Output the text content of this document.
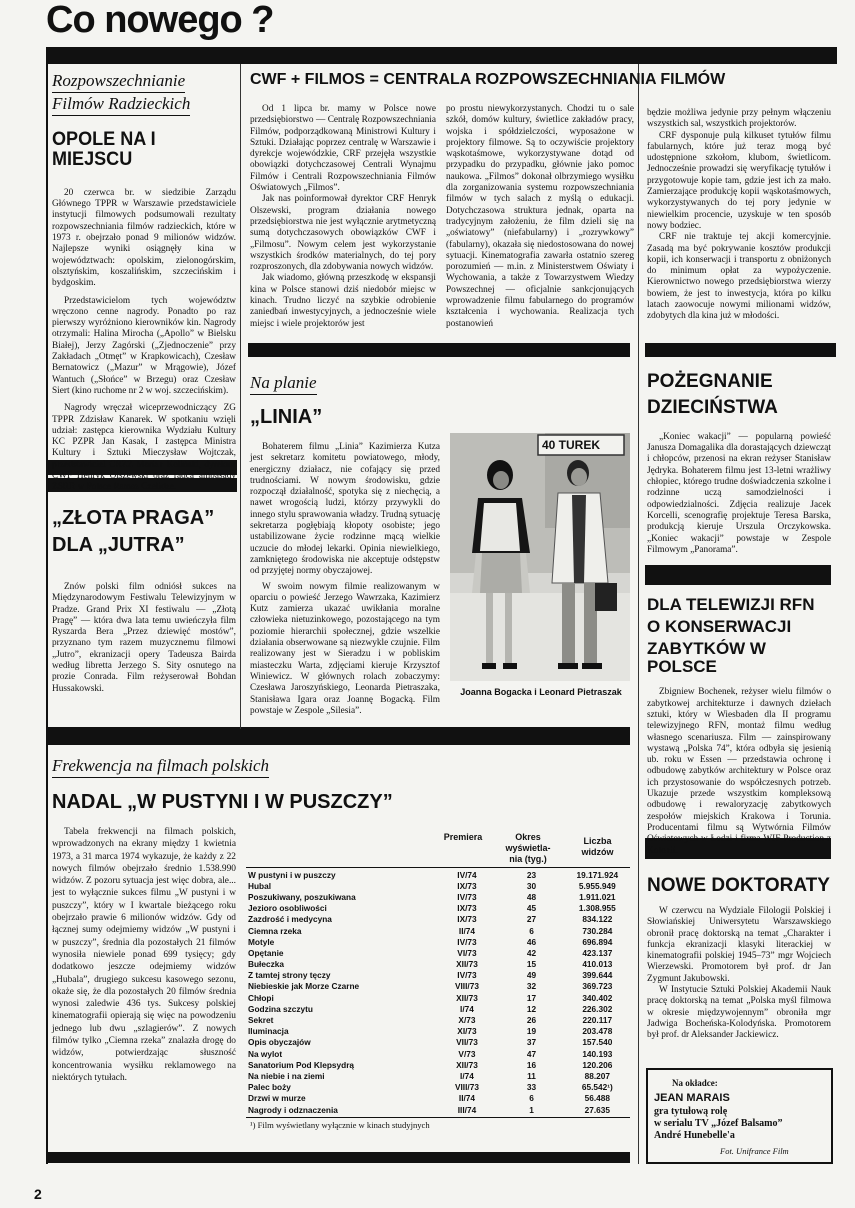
Co nowego ?
Rozpowszechnianie
Filmów Radzieckich
OPOLE NA I MIEJSCU

20 czerwca br. w siedzibie Zarządu Głównego TPPR w Warszawie przedstawiciele instytucji filmowych podsumowali rezultaty rozpowszechniania filmów radzieckich, które w 1973 r. obejrzało ponad 9 milionów widzów. Najlepsze wyniki osiągnęły kina w województwach: opolskim, zielonogórskim, olsztyńskim, koszalińskim, szczecińskim i bydgoskim.

Przedstawicielom tych województw wręczono cenne nagrody. Ponadto po raz pierwszy wyróżniono kierowników kin. Nagrody otrzymali: Halina Mirocha („Apollo” w Bielsku Białej), Jerzy Zagórski („Zjednoczenie” przy Zakładach „Otmęt” w Krapkowicach), Czesław Bernatowicz („Mazur” w Mrągowie), Józef Wantuch („Słońce” w Brzegu) oraz Czesław Siert (kino ruchome nr 2 w woj. szczecińskim).

Nagrody wręczał wiceprzewodniczący ZG TPPR Zdzisław Kanarek. W spotkaniu wzięli udział: zastępca kierownika Wydziału Kultury KC PZPR Jan Kasak, I zastępca Ministra Kultury i Sztuki Mieczysław Wojtczak, przedstawiciel CRZZ Marian Koliński, dyrektor CWF Henryk Olszewski oraz radca ambasady ZSRR w Polsce Ramaz Czelidze.

„ZŁOTA PRAGA”
DLA „JUTRA”

Znów polski film odniósł sukces na Międzynarodowym Festiwalu Telewizyjnym w Pradze. Grand Prix XI festiwalu — „Złotą Pragę” — która dwa lata temu uwieńczyła film Ryszarda Bera „Przez dziewięć mostów”, przyznano tym razem muzycznemu filmowi „Jutro”, ekranizacji opery Tadeusza Bairda według libretta Jerzego S. Sity osnutego na prozie Conrada. Film reżyserował Bohdan Hussakowski.

CWF + FILMOS = CENTRALA ROZPOWSZECHNIANIA FILMÓW

Od 1 lipca br. mamy w Polsce nowe przedsiębiorstwo — Centralę Rozpowszechniania Filmów, podporządkowaną Ministrowi Kultury i Sztuki. Działając poprzez centralę w Warszawie i dyrekcje wojewódzkie, CRF przejęła wszystkie obowiązki dotychczasowej Centrali Wynajmu Filmów i Centrali Rozpowszechniania Filmów Oświatowych „Filmos”.

Jak nas poinformował dyrektor CRF Henryk Olszewski, program działania nowego przedsiębiorstwa nie jest wyłącznie arytmetyczną sumą dotychczasowych obowiązków CWF i „Filmosu”. Nowym celem jest wykorzystanie wszystkich środków materialnych, do tej pory rozproszonych, dla zdobywania nowych widzów.

Jak wiadomo, główną przeszkodę w ekspansji kina w Polsce stanowi dziś niedobór miejsc w kinach. Trudno liczyć na szybkie odrobienie zaniedbań inwestycyjnych, a jednocześnie wiele miejsc i wiele projektorów jest

po prostu niewykorzystanych. Chodzi tu o sale szkół, domów kultury, świetlice zakładów pracy, wojska i spółdzielczości, wyposażone w projektory filmowe. Są to oczywiście projektory wąskotaśmowe, wykorzystywane dotąd od przypadku do przypadku, głównie jako pomoc naukowa. „Filmos” dokonał olbrzymiego wysiłku dla zorganizowania systemu rozpowszechniania filmów w tych salach z myślą o edukacji. Dotychczasowa struktura jednak, oparta na tradycyjnym założeniu, że film dzieli się na „oświatowy” (niefabularny) i „rozrywkowy” (fabularny), okazała się niedostosowana do nowej sytuacji. Kinematografia zawarła ostatnio szereg porozumień — m.in. z Ministerstwem Oświaty i Wychowania, a także z Towarzystwem Wiedzy Powszechnej — oficjalnie sankcjonujących wprowadzenie filmu fabularnego do programów kształcenia i wychowania. Realizacja tych postanowień

będzie możliwa jedynie przy pełnym włączeniu wszystkich sal, wszystkich projektorów.

CRF dysponuje pulą kilkuset tytułów filmu fabularnych, które już teraz mogą być udostępnione szkołom, klubom, świetlicom. Jednocześnie prowadzi się weryfikację tytułów i przygotowuje kopie tam, gdzie jest ich za mało. Zamierzające produkcję kopii wąskotaśmowych, wykorzystywanych do tej pory jedynie w niewielkim procencie, uzyskuje w ten sposób nowy bodziec.

CRF nie traktuje tej akcji komercyjnie. Zasadą ma być pokrywanie kosztów produkcji kopii, ich konserwacji i transportu z obniżonych do minimum opłat za wypożyczenie. Kierownictwo nowego przedsiębiorstwa wierzy bowiem, że jest to inwestycja, która po kilku latach zaowocuje nowymi milionami widzów, zdobytych dla kina już w młodości.

Na planie
„LINIA”

Bohaterem filmu „Linia” Kazimierza Kutza jest sekretarz komitetu powiatowego, młody, energiczny działacz, nie cofający się przed trudnościami. W nowym środowisku, gdzie rozpoczął działalność, spotyka się z niechęcią, a nawet wrogością ludzi, którzy przywykli do innego stylu sprawowania władzy. Trudną sytuację sekretarza pogłębiają kłopoty osobiste; jego ustabilizowane życie rodzinne mącą wielkie uczucie do młodej lekarki. Opinia niewielkiego, zamkniętego środowiska nie akceptuje odstępstw od przyjętej normy obyczajowej.

W swoim nowym filmie realizowanym w oparciu o powieść Jerzego Wawrzaka, Kazimierz Kutz zamierza ukazać uwikłania moralne człowieka nietuzinkowego, pozostającego na tym poziomie hierarchii społecznej, gdzie wszelkie działania obserwowane są niezwykle czujnie. Film realizowany jest w Sieradzu i w pobliskim miasteczku Warta, zdjęciami kieruje Krzysztof Winiewicz. W głównych rolach zobaczymy: Czesława Jaroszyńskiego, Leonarda Pietraszaka, Stanisława Igara oraz Joannę Bogacką. Film powstaje w Zespole „Silesia”.

40 TUREK
Joanna Bogacka i Leonard Pietraszak
POŻEGNANIE
DZIECIŃSTWA

„Koniec wakacji” — popularną powieść Janusza Domagalika dla dorastających dziewcząt i chłopców, przenosi na ekran reżyser Stanisław Jędryka. Bohaterem filmu jest 13-letni wrażliwy chłopiec, którego trudne doświadczenia szkolne i rodzinne uczą samodzielności i odpowiedzialności. Zdjęcia realizuje Jacek Korcelli, scenografię projektuje Teresa Barska, produkcją kieruje Urszula Orczykowska. „Koniec wakacji” powstaje w Zespole Filmowym „Panorama”.

DLA TELEWIZJI RFN
O KONSERWACJI
ZABYTKÓW W POLSCE

Zbigniew Bochenek, reżyser wielu filmów o zabytkowej architekturze i dawnych dziełach sztuki, który w Wiesbaden dla II programu telewizyjnego RFN, montaż filmu według własnego scenariusza. Film — zainspirowany wystawą „Polska 74”, która odbyła się jesienią ub. roku w Essen — przedstawia ochronę i odbudowę zabytków architektury w Polsce oraz ich przystosowanie do współczesnych potrzeb. Ukazuje przede wszystkim kompleksową odbudowę i rewaloryzację zabytkowych zespołów miejskich Krakowa i Torunia. Producentami filmu są Wytwórnia Filmów Oświatowych w Łodzi i firma WIF Production z Kolonii.

NOWE DOKTORATY

W czerwcu na Wydziale Filologii Polskiej i Słowiańskiej Uniwersytetu Warszawskiego obronił pracę doktorską na temat „Charakter i funkcja ekranizacji klasyki literackiej w kinematografii polskiej 1945–73” mgr Wojciech Wierzewski. Promotorem był prof. dr Jan Zygmunt Jakubowski.

W Instytucie Sztuki Polskiej Akademii Nauk pracę doktorską na temat „Polska myśl filmowa w okresie międzywojennym” obroniła mgr Jadwiga Bocheńska-Kolodyńska. Promotorem był prof. dr Aleksander Jackiewicz.

Na okładce:
JEAN MARAIS
gra tytułową rolę
w serialu TV „Józef Balsamo”
André Hunebelle'a
Fot. Unifrance Film
Frekwencja na filmach polskich
NADAL „W PUSTYNI I W PUSZCZY”

Tabela frekwencji na filmach polskich, wprowadzonych na ekrany między 1 kwietnia 1973, a 31 marca 1974 wykazuje, że każdy z 22 nowych filmów obejrzało średnio 1.538.990 widzów. Z pozoru sytuacja jest więc dobra, ale... jest to wyłącznie sukces filmu „W pustyni i w puszczy”, który w I kwartale bieżącego roku obejrzało prawie 6 milionów widzów. Gdy od łącznej sumy odejmiemy widzów „W pustyni i w puszczy”, średnia dla pozostałych 21 filmów wynosiła niewiele ponad 699 tysięcy; gdy dodatkowo jeszcze odejmiemy widzów „Hubala”, drugiego sukcesu kasowego sezonu, okaże się, że dla pozostałych 20 filmów średnia wynosi zaledwie 436 tys. Sukcesy polskiej kinematografii opierają się więc na powodzeniu jednego lub dwu „szlagierów”. Z nowych filmów tylko „Ciemna rzeka” znalazła drogę do widzów, potwierdzając słuszność koncentrowania wysiłku reklamowego na niektórych tytułach.

Premiera	Okres
wyświetla-
nia (tyg.)
Liczba
widzów
W pustyni i w puszczy	IV/74	23	19.171.924
Hubal	IX/73	30	5.955.949
Poszukiwany, poszukiwana	IV/73	48	1.911.021
Jezioro osobliwości	IX/73	45	1.308.955
Zazdrość i medycyna	IX/73	27	834.122
Ciemna rzeka	II/74	6	730.284
Motyle	IV/73	46	696.894
Opętanie	VI/73	42	423.137
Bułeczka	XII/73	15	410.013
Z tamtej strony tęczy	IV/73	49	399.644
Niebieskie jak Morze Czarne	VIII/73	32	369.723
Chłopi	XII/73	17	340.402
Godzina szczytu	I/74	12	226.302
Sekret	X/73	26	220.117
Iluminacja	XI/73	19	203.478
Opis obyczajów	VII/73	37	157.540
Na wylot	V/73	47	140.193
Sanatorium Pod Klepsydrą	XII/73	16	120.206
Na niebie i na ziemi	I/74	11	88.207
Palec boży	VIII/73	33	65.542¹)
Drzwi w murze	II/74	6	56.488
Nagrody i odznaczenia	III/74	1	27.635
¹) Film wyświetlany wyłącznie w kinach studyjnych
2
